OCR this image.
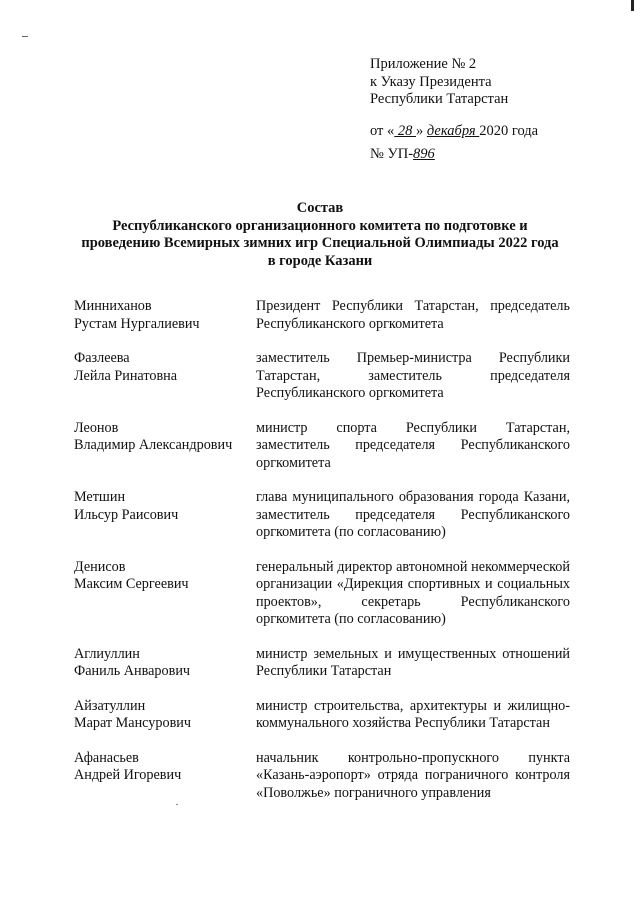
Приложение № 2
к Указу Президента
Республики Татарстан
от « 28 » декабря 2020 года
№ УП-896
Состав
Республиканского организационного комитета по подготовке и
проведению Всемирных зимних игр Специальной Олимпиады 2022 года
в городе Казани
Минниханов
Рустам Нургалиевич
Президент Республики Татарстан, председатель Республиканского оргкомитета
Фазлеева
Лейла Ринатовна
заместитель Премьер-министра Республики Татарстан, заместитель председателя Республиканского оргкомитета
Леонов
Владимир Александрович
министр спорта Республики Татарстан, заместитель председателя Республиканского оргкомитета
Метшин
Ильсур Раисович
глава муниципального образования города Казани, заместитель председателя Республиканского оргкомитета (по согласованию)
Денисов
Максим Сергеевич
генеральный директор автономной некоммерческой организации «Дирекция спортивных и социальных проектов», секретарь Республиканского оргкомитета (по согласованию)
Аглиуллин
Фаниль Анварович
министр земельных и имущественных отношений Республики Татарстан
Айзатуллин
Марат Мансурович
министр строительства, архитектуры и жилищно-коммунального хозяйства Республики Татарстан
Афанасьев
Андрей Игоревич
начальник контрольно-пропускного пункта «Казань-аэропорт» отряда пограничного контроля «Поволжье» пограничного управления
